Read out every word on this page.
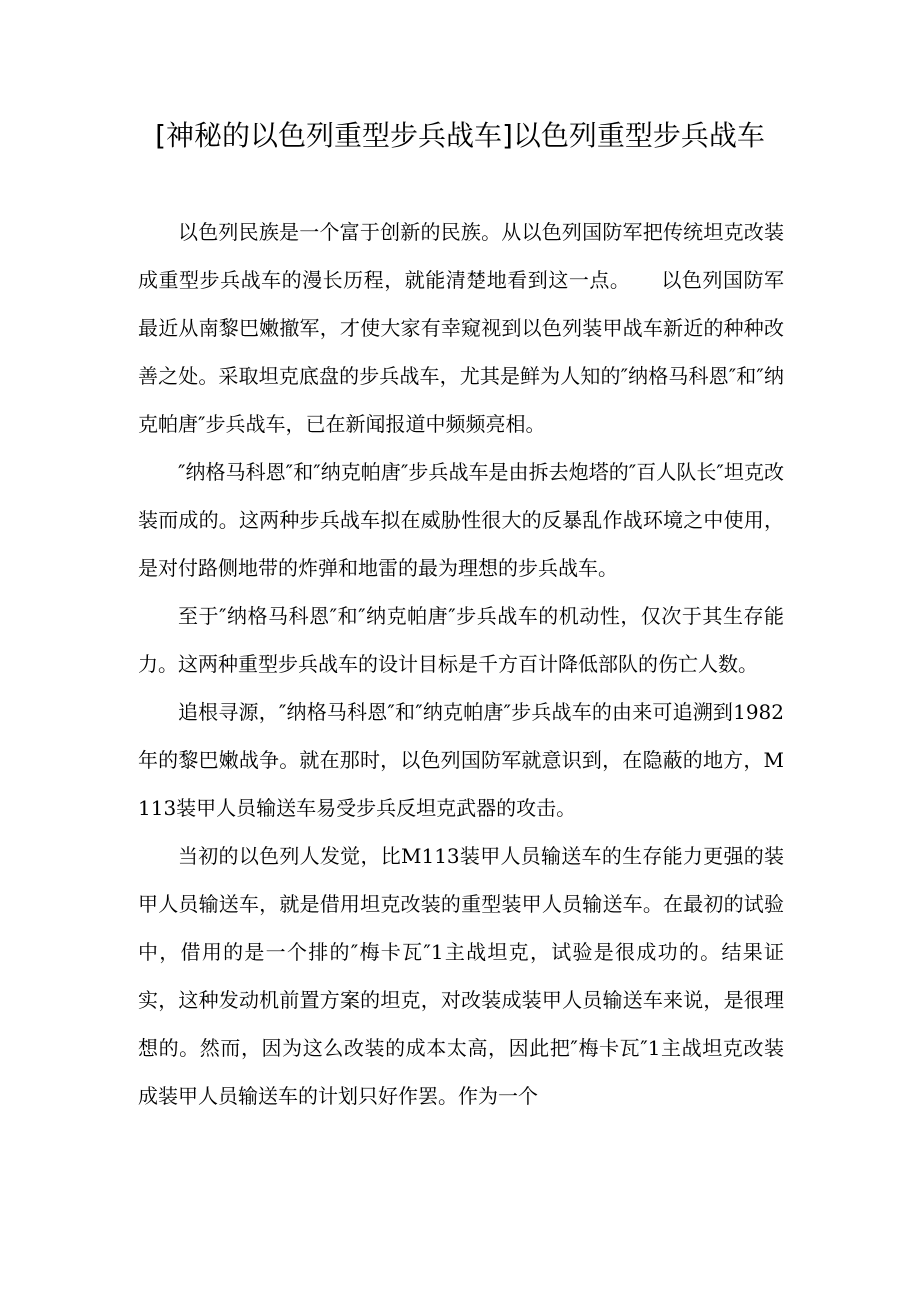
[神秘的以色列重型步兵战车]以色列重型步兵战车

以色列民族是一个富于创新的民族。从以色列国防军把传统坦克改装成重型步兵战车的漫长历程，就能清楚地看到这一点。　　以色列国防军最近从南黎巴嫩撤军，才使大家有幸窥视到以色列装甲战车新近的种种改善之处。采取坦克底盘的步兵战车，尤其是鲜为人知的″纳格马科恩″和″纳克帕唐″步兵战车，已在新闻报道中频频亮相。

″纳格马科恩″和″纳克帕唐″步兵战车是由拆去炮塔的″百人队长″坦克改装而成的。这两种步兵战车拟在威胁性很大的反暴乱作战环境之中使用，是对付路侧地带的炸弹和地雷的最为理想的步兵战车。

至于″纳格马科恩″和″纳克帕唐″步兵战车的机动性，仅次于其生存能力。这两种重型步兵战车的设计目标是千方百计降低部队的伤亡人数。

追根寻源，″纳格马科恩″和″纳克帕唐″步兵战车的由来可追溯到1982年的黎巴嫩战争。就在那时，以色列国防军就意识到，在隐蔽的地方，M113装甲人员输送车易受步兵反坦克武器的攻击。

当初的以色列人发觉，比M113装甲人员输送车的生存能力更强的装甲人员输送车，就是借用坦克改装的重型装甲人员输送车。在最初的试验中，借用的是一个排的″梅卡瓦″1主战坦克，试验是很成功的。结果证实，这种发动机前置方案的坦克，对改装成装甲人员输送车来说，是很理想的。然而，因为这么改装的成本太高，因此把″梅卡瓦″1主战坦克改装成装甲人员输送车的计划只好作罢。作为一个
